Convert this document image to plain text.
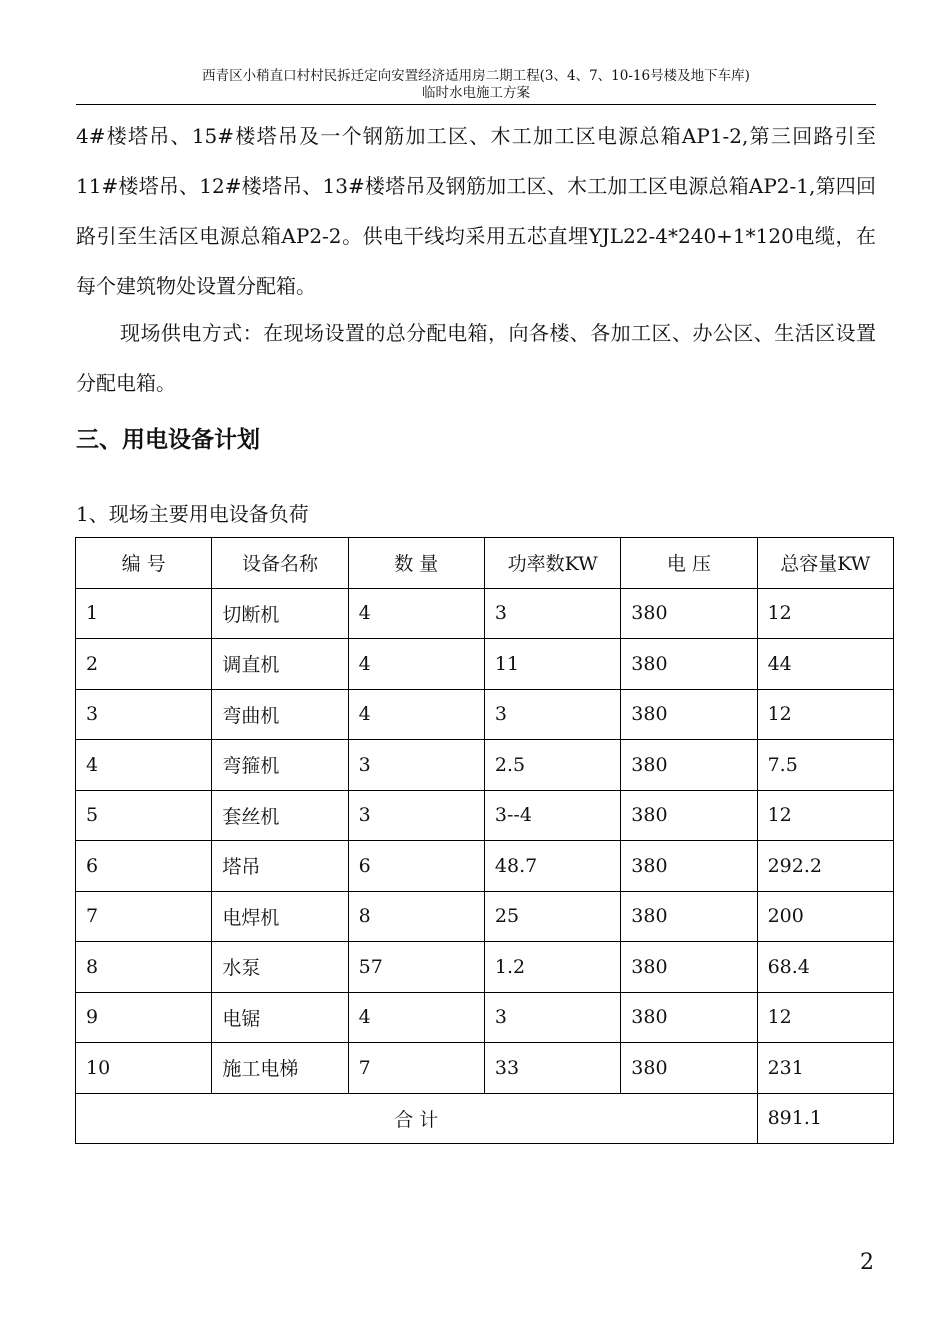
西青区小稍直口村村民拆迁定向安置经济适用房二期工程(3、4、7、10-16号楼及地下车库)
临时水电施工方案
4#楼塔吊、15#楼塔吊及一个钢筋加工区、木工加工区电源总箱AP1-2,第三回路引至11#楼塔吊、12#楼塔吊、13#楼塔吊及钢筋加工区、木工加工区电源总箱AP2-1,第四回路引至生活区电源总箱AP2-2。供电干线均采用五芯直埋YJL22-4*240+1*120电缆，在每个建筑物处设置分配箱。
现场供电方式：在现场设置的总分配电箱，向各楼、各加工区、办公区、生活区设置分配电箱。
三、用电设备计划
1、现场主要用电设备负荷
编 号	设备名称	数 量	功率数KW	电 压	总容量KW
1	切断机	4	3	380	12
2	调直机	4	11	380	44
3	弯曲机	4	3	380	12
4	弯箍机	3	2.5	380	7.5
5	套丝机	3	3--4	380	12
6	塔吊	6	48.7	380	292.2
7	电焊机	8	25	380	200
8	水泵	57	1.2	380	68.4
9	电锯	4	3	380	12
10	施工电梯	7	33	380	231
合 计					891.1
2
